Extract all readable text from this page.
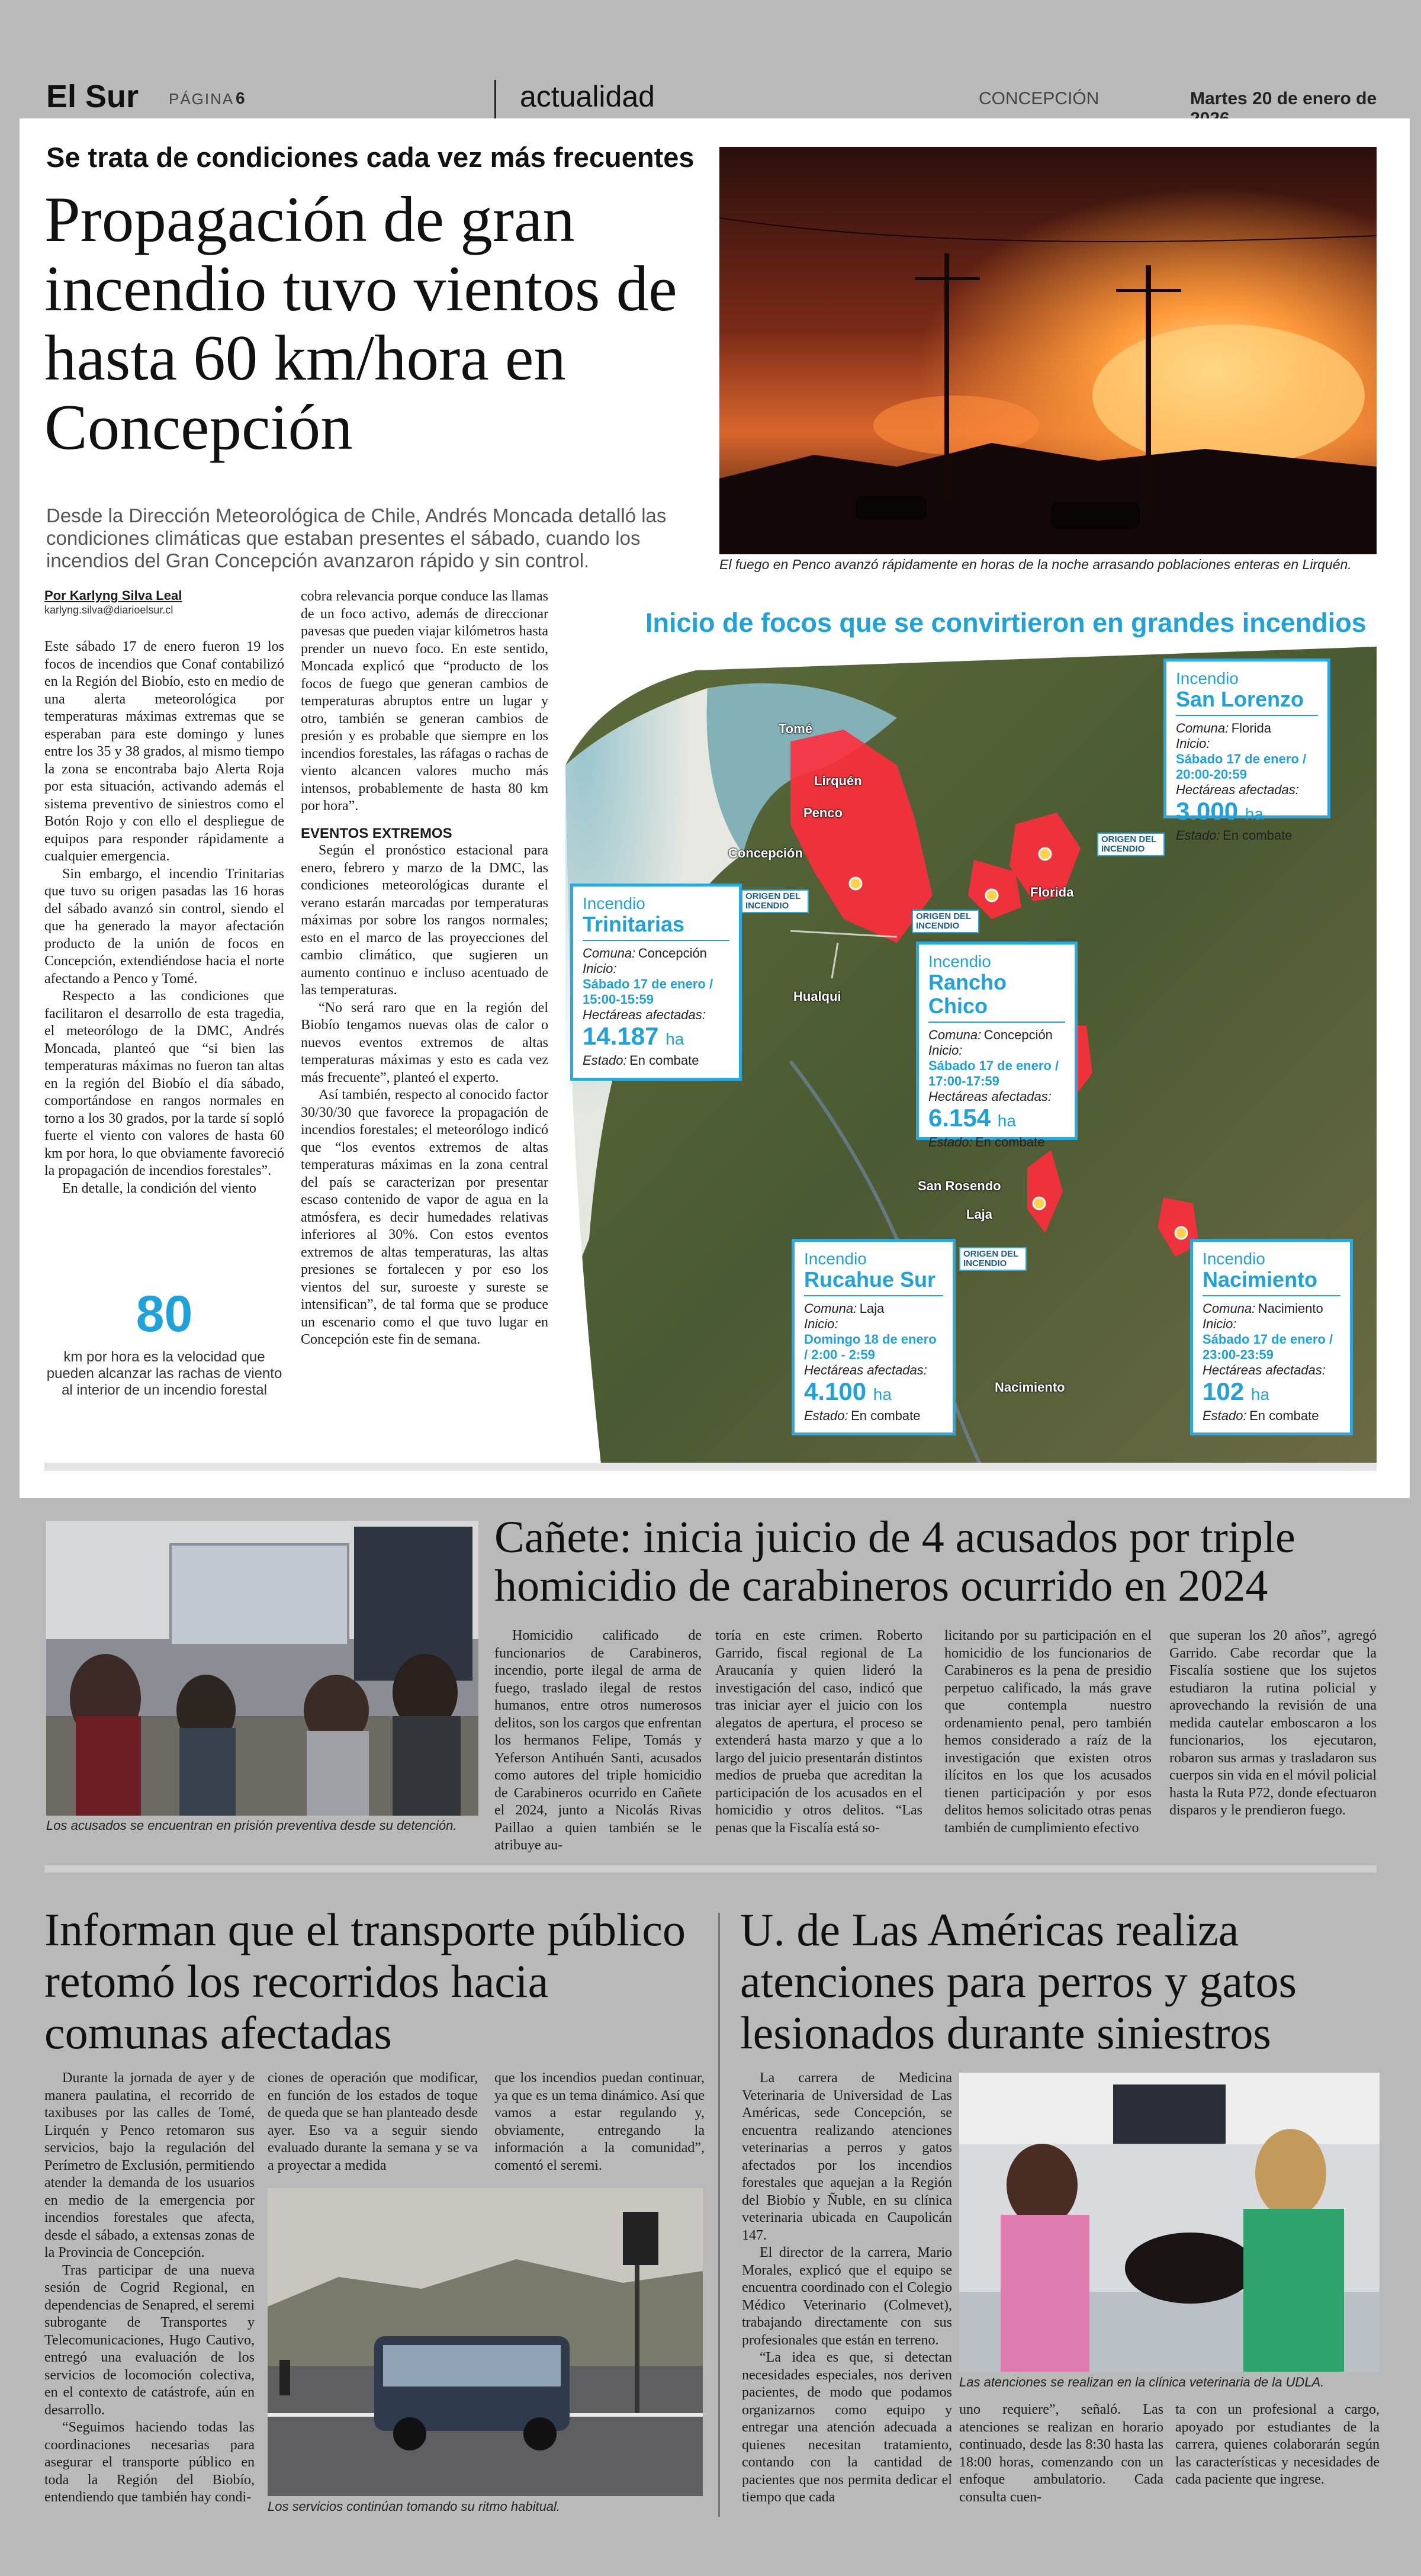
El Sur PÁGINA 6	actualidad	CONCEPCIÓN	Martes 20 de enero de
Se trata de condiciones cada vez más frecuentes
Propagación de gran incendio tuvo vientos de hasta 60 km/hora en Concepción
Desde la Dirección Meteorológica de Chile, Andrés Moncada detalló las condiciones climáticas que estaban presentes el sábado, cuando los incendios del Gran Concepción avanzaron rápido y sin control.	El fuego en Penco avanzó rápidamente en horas de la noche arrasando poblaciones enteras en Lirquén.
Por Karlyng Silva Leal
karlyng.silva@diarioelsur.cl

Este sábado 17 de enero fueron 19 los focos de incendios que Conaf contabilizó en la Región del Biobío, esto en medio de una alerta meteorológica por temperaturas máximas extremas que se esperaban para este domingo y lunes entre los 35 y 38 grados, al mismo tiempo la zona se encontraba bajo Alerta Roja por esta situación, activando además el sistema preventivo de siniestros como el Botón Rojo y con ello el despliegue de equipos para responder rápidamente a cualquier emergencia.

Sin embargo, el incendio Trinitarias que tuvo su origen pasadas las 16 horas del sábado avanzó sin control, siendo el que ha generado la mayor afectación producto de la unión de focos en Concepción, extendiéndose hacia el norte afectando a Penco y Tomé.

Respecto a las condiciones que facilitaron el desarrollo de esta tragedia, el meteorólogo de la DMC, Andrés Moncada, planteó que “si bien las temperaturas máximas no fueron tan altas en la región del Biobío el día sábado, comportándose en rangos normales en torno a los 30 grados, por la tarde sí sopló fuerte el viento con valores de hasta 60 km por hora, lo que obviamente favoreció la propagación de incendios forestales”.

En detalle, la condición del viento

80
km por hora es la velocidad que pueden alcanzar las rachas de viento al interior de un incendio forestal

cobra relevancia porque conduce las llamas de un foco activo, además de direccionar pavesas que pueden viajar kilómetros hasta prender un nuevo foco. En este sentido, Moncada explicó que “producto de los focos de fuego que generan cambios de temperaturas abruptos entre un lugar y otro, también se generan cambios de presión y es probable que siempre en los incendios forestales, las ráfagas o rachas de viento alcancen valores mucho más intensos, probablemente de hasta 80 km por hora”.

EVENTOS EXTREMOS

Según el pronóstico estacional para enero, febrero y marzo de la DMC, las condiciones meteorológicas durante el verano estarán marcadas por temperaturas máximas por sobre los rangos normales; esto en el marco de las proyecciones del cambio climático, que sugieren un aumento continuo e incluso acentuado de las temperaturas.

“No será raro que en la región del Biobío tengamos nuevas olas de calor o nuevos eventos extremos de altas temperaturas máximas y esto es cada vez más frecuente”, planteó el experto.

Así también, respecto al conocido factor 30/30/30 que favorece la propagación de incendios forestales; el meteorólogo indicó que “los eventos extremos de altas temperaturas máximas en la zona central del país se caracterizan por presentar escaso contenido de vapor de agua en la atmósfera, es decir humedades relativas inferiores al 30%. Con estos eventos extremos de altas temperaturas, las altas presiones se fortalecen y por eso los vientos del sur, suroeste y sureste se intensifican”, de tal forma que se produce un escenario como el que tuvo lugar en Concepción este fin de semana.

Inicio de focos que se convirtieron en grandes incendios
Tomé
Lirquén
Penco
Concepción
Florida
Hualqui
San Rosendo
Laja
Nacimiento
ORIGEN DEL INCENDIO
ORIGEN DEL INCENDIO
ORIGEN DEL INCENDIO
ORIGEN DEL INCENDIO
Incendio
San Lorenzo
Comuna: Florida
Inicio:
Sábado 17 de enero / 20:00-20:59
Hectáreas afectadas:
3.000 ha
Estado: En combate
Incendio
Trinitarias
Comuna: Concepción
Inicio:
Sábado 17 de enero / 15:00-15:59
Hectáreas afectadas:
14.187 ha
Estado: En combate
Incendio
Rancho Chico
Comuna: Concepción
Inicio:
Sábado 17 de enero / 17:00-17:59
Hectáreas afectadas:
6.154 ha
Estado: En combate
Incendio
Rucahue Sur
Comuna: Laja
Inicio:
Domingo 18 de enero / 2:00 - 2:59
Hectáreas afectadas:
4.100 ha
Estado: En combate
Incendio
Nacimiento
Comuna: Nacimiento
Inicio:
Sábado 17 de enero / 23:00-23:59
Hectáreas afectadas:
102 ha
Estado: En combate
Los acusados se encuentran en prisión preventiva desde su detención.
Cañete: inicia juicio de 4 acusados por triple homicidio de carabineros ocurrido en 2024

Homicidio calificado de funcionarios de Carabineros, incendio, porte ilegal de arma de fuego, traslado ilegal de restos humanos, entre otros numerosos delitos, son los cargos que enfrentan los hermanos Felipe, Tomás y Yeferson Antihuén Santi, acusados como autores del triple homicidio de Carabineros ocurrido en Cañete el 2024, junto a Nicolás Rivas Paillao a quien también se le atribuye au-

toría en este crimen. Roberto Garrido, fiscal regional de La Araucanía y quien lideró la investigación del caso, indicó que tras iniciar ayer el juicio con los alegatos de apertura, el proceso se extenderá hasta marzo y que a lo largo del juicio presentarán distintos medios de prueba que acreditan la participación de los acusados en el homicidio y otros delitos. “Las penas que la Fiscalía está so-

licitando por su participación en el homicidio de los funcionarios de Carabineros es la pena de presidio perpetuo calificado, la más grave que contempla nuestro ordenamiento penal, pero también hemos considerado a raíz de la investigación que existen otros ilícitos en los que los acusados tienen participación y por esos delitos hemos solicitado otras penas también de cumplimiento efectivo

que superan los 20 años”, agregó Garrido. Cabe recordar que la Fiscalía sostiene que los sujetos estudiaron la rutina policial y aprovechando la revisión de una medida cautelar emboscaron a los funcionarios, los ejecutaron, robaron sus armas y trasladaron sus cuerpos sin vida en el móvil policial hasta la Ruta P72, donde efectuaron disparos y le prendieron fuego.

Informan que el transporte público retomó los recorridos hacia comunas afectadas

Durante la jornada de ayer y de manera paulatina, el recorrido de taxibuses por las calles de Tomé, Lirquén y Penco retomaron sus servicios, bajo la regulación del Perímetro de Exclusión, permitiendo atender la demanda de los usuarios en medio de la emergencia por incendios forestales que afecta, desde el sábado, a extensas zonas de la Provincia de Concepción.

Tras participar de una nueva sesión de Cogrid Regional, en dependencias de Senapred, el seremi subrogante de Transportes y Telecomunicaciones, Hugo Cautivo, entregó una evaluación de los servicios de locomoción colectiva, en el contexto de catástrofe, aún en desarrollo.

“Seguimos haciendo todas las coordinaciones necesarias para asegurar el transporte público en toda la Región del Biobío, entendiendo que también hay condi-

ciones de operación que modificar, en función de los estados de toque de queda que se han planteado desde ayer. Eso va a seguir siendo evaluado durante la semana y se va a proyectar a medida

que los incendios puedan continuar, ya que es un tema dinámico. Así que vamos a estar regulando y, obviamente, entregando la información a la comunidad”, comentó el seremi.

Los servicios continúan tomando su ritmo habitual.
U. de Las Américas realiza atenciones para perros y gatos lesionados durante siniestros

La carrera de Medicina Veterinaria de Universidad de Las Américas, sede Concepción, se encuentra realizando atenciones veterinarias a perros y gatos afectados por los incendios forestales que aquejan a la Región del Biobío y Ñuble, en su clínica veterinaria ubicada en Caupolicán 147.

El director de la carrera, Mario Morales, explicó que el equipo se encuentra coordinado con el Colegio Médico Veterinario (Colmevet), trabajando directamente con sus profesionales que están en terreno.

“La idea es que, si detectan necesidades especiales, nos deriven pacientes, de modo que podamos organizarnos como equipo y entregar una atención adecuada a quienes necesitan tratamiento, contando con la cantidad de pacientes que nos permita dedicar el tiempo que cada

Las atenciones se realizan en la clínica veterinaria de la UDLA.

uno requiere”, señaló. Las atenciones se realizan en horario continuado, desde las 8:30 hasta las 18:00 horas, comenzando con un enfoque ambulatorio. Cada consulta cuen-

ta con un profesional a cargo, apoyado por estudiantes de la carrera, quienes colaborarán según las características y necesidades de cada paciente que ingrese.
